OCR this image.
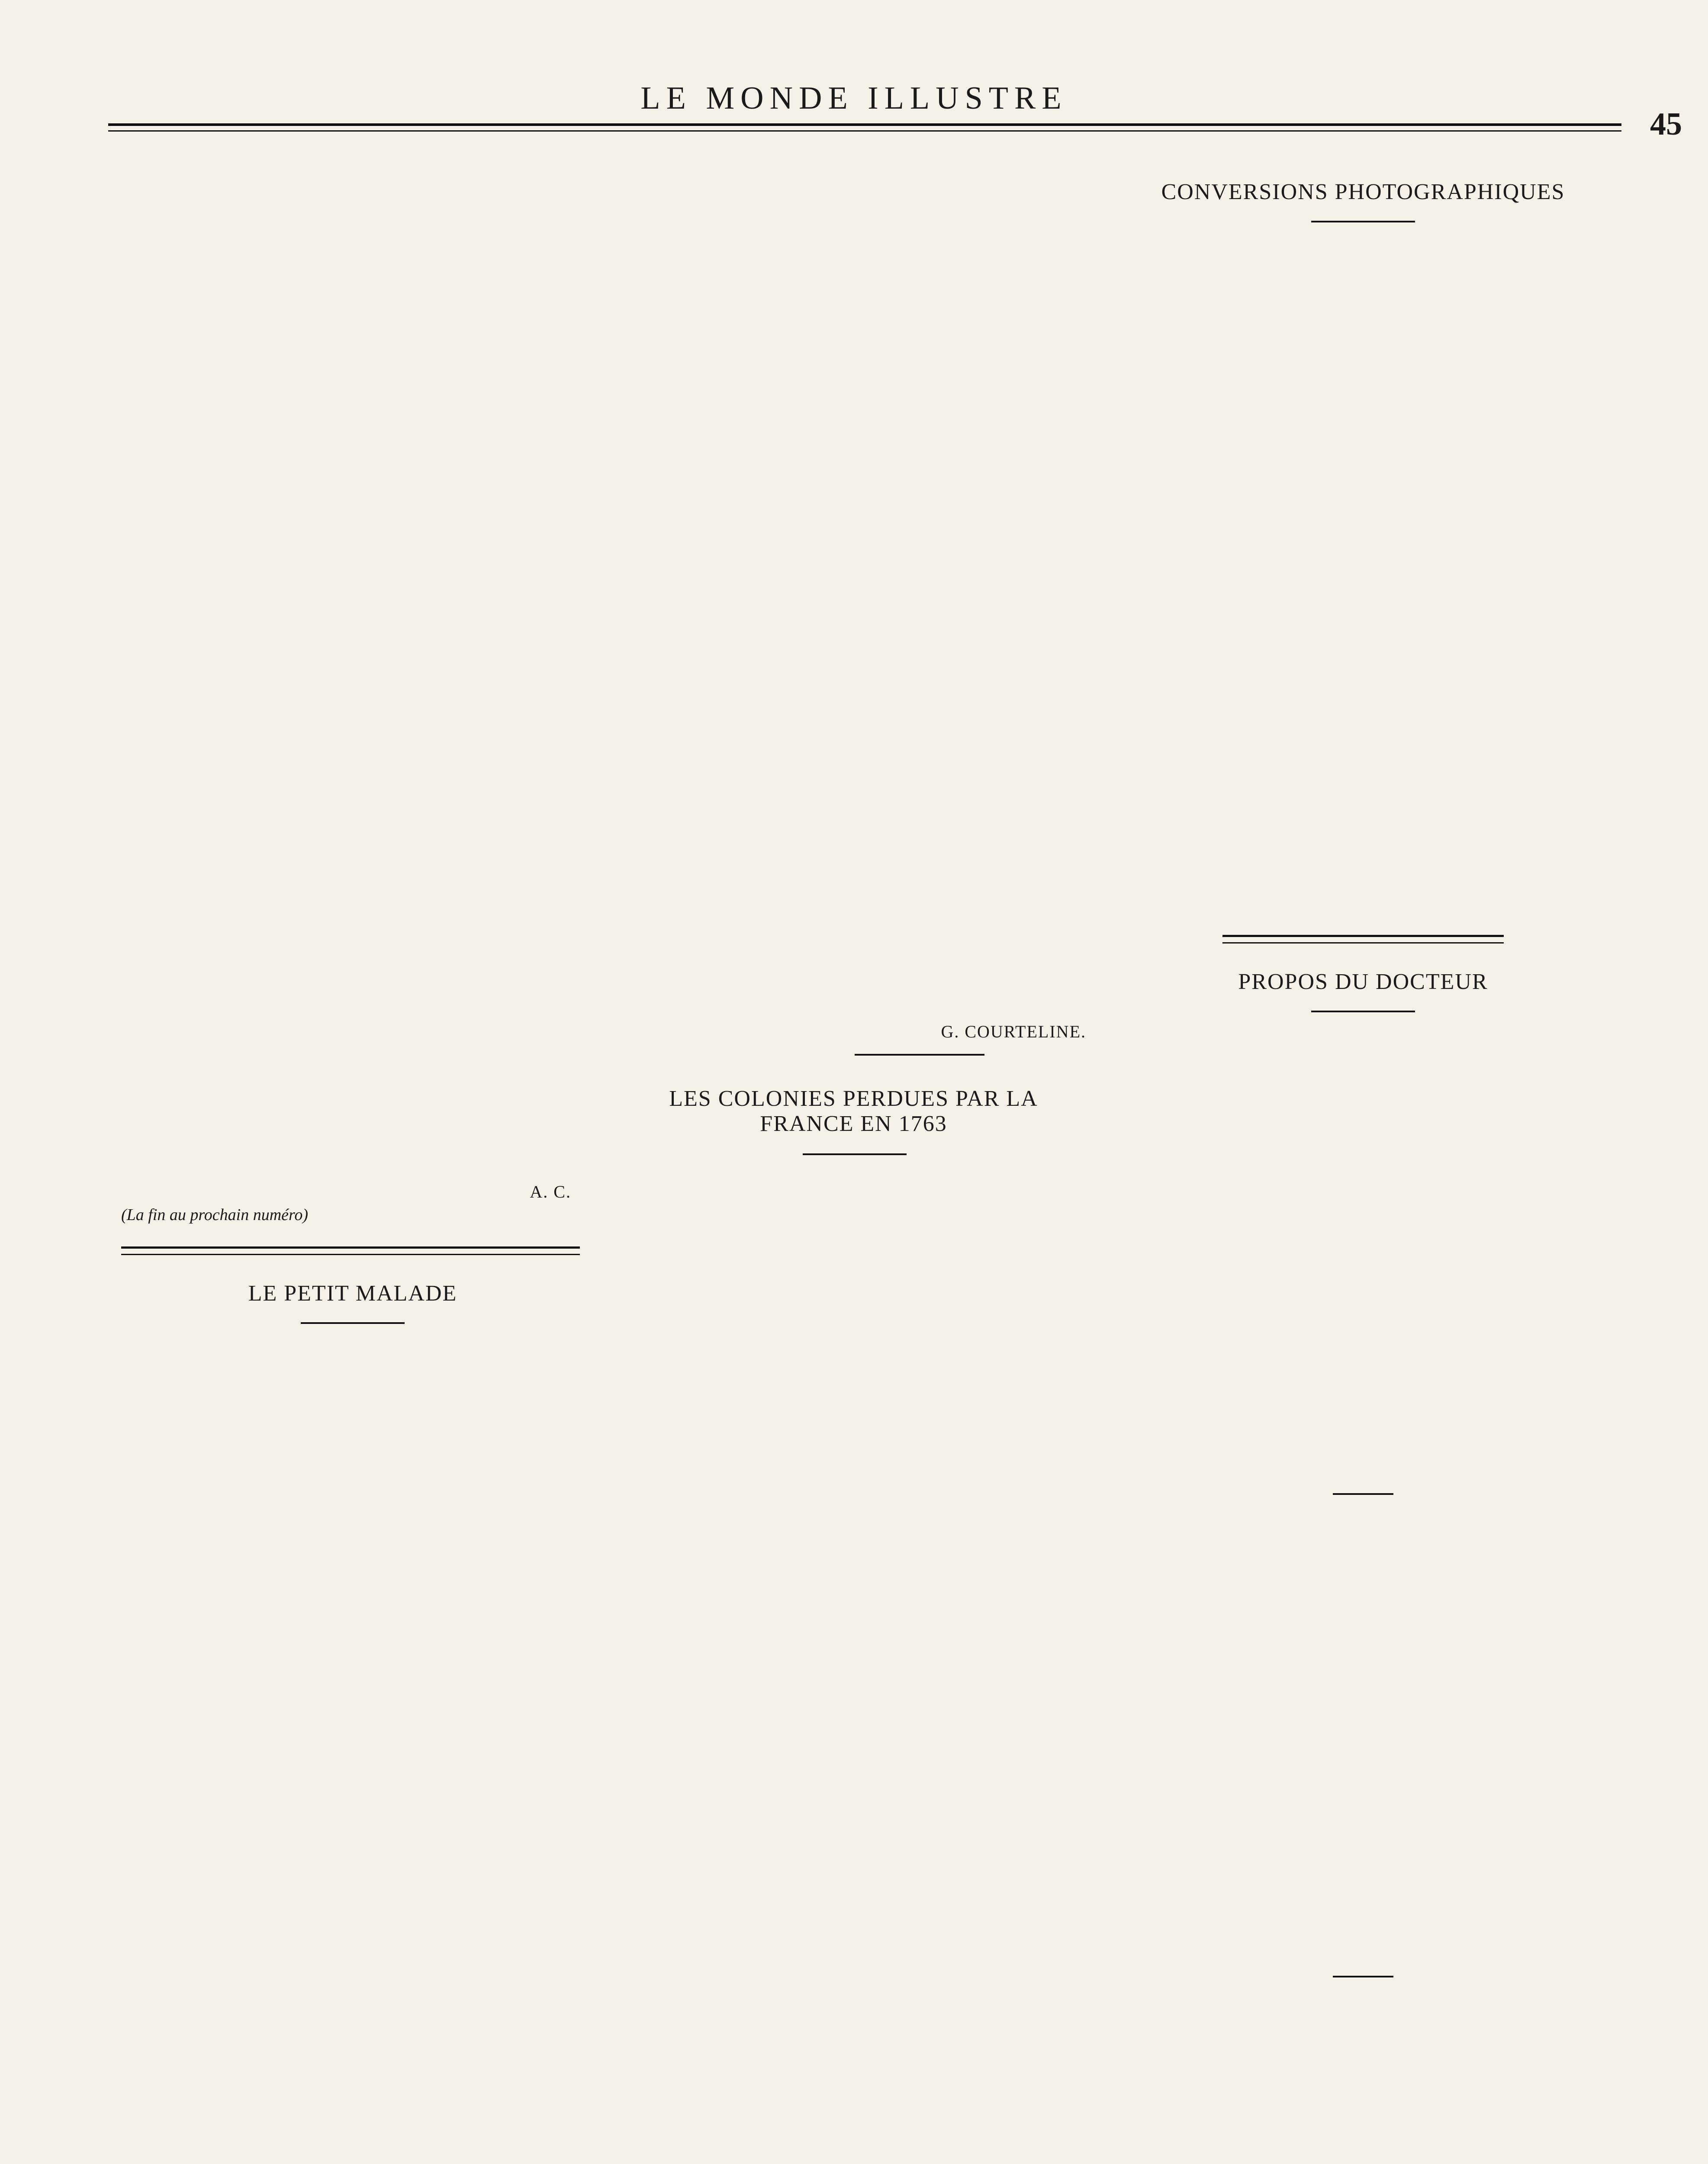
LE MONDE ILLUSTRE
45
A. C.
(La fin au prochain numéro)
LE PETIT MALADE
G. COURTELINE.
LES COLONIES PERDUES PAR LA FRANCE EN 1763
CONVERSIONS PHOTOGRAPHIQUES
PROPOS DU DOCTEUR
